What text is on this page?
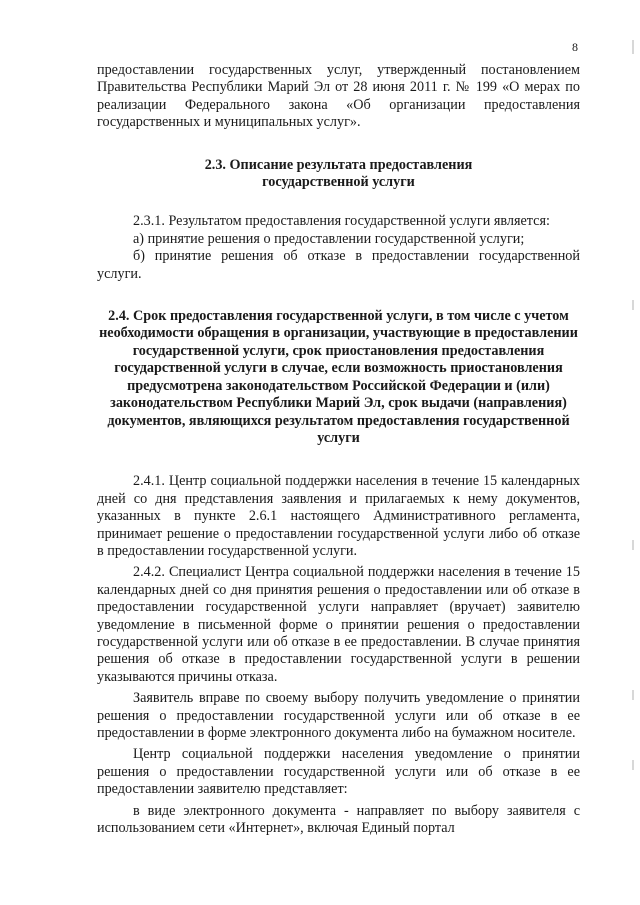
8

предоставлении государственных услуг, утвержденный постановлением Правительства Республики Марий Эл от 28 июня 2011 г. № 199 «О мерах по реализации Федерального закона «Об организации предоставления государственных и муниципальных услуг».

2.3. Описание результата предоставления
государственной услуги

2.3.1. Результатом предоставления государственной услуги является:

а) принятие решения о предоставлении государственной услуги;

б) принятие решения об отказе в предоставлении государственной услуги.

2.4. Срок предоставления государственной услуги, в том числе с учетом необходимости обращения в организации, участвующие в предоставлении государственной услуги, срок приостановления предоставления государственной услуги в случае, если возможность приостановления предусмотрена законодательством Российской Федерации и (или) законодательством Республики Марий Эл, срок выдачи (направления) документов, являющихся результатом предоставления государственной услуги

2.4.1. Центр социальной поддержки населения в течение 15 календарных дней со дня представления заявления и прилагаемых к нему документов, указанных в пункте 2.6.1 настоящего Административного регламента, принимает решение о предоставлении государственной услуги либо об отказе в предоставлении государственной услуги.

2.4.2. Специалист Центра социальной поддержки населения в течение 15 календарных дней со дня принятия решения о предоставлении или об отказе в предоставлении государственной услуги направляет (вручает) заявителю уведомление в письменной форме о принятии решения о предоставлении государственной услуги или об отказе в ее предоставлении. В случае принятия решения об отказе в предоставлении государственной услуги в решении указываются причины отказа.

Заявитель вправе по своему выбору получить уведомление о принятии решения о предоставлении государственной услуги или об отказе в ее предоставлении в форме электронного документа либо на бумажном носителе.

Центр социальной поддержки населения уведомление о принятии решения о предоставлении государственной услуги или об отказе в ее предоставлении заявителю представляет:

в виде электронного документа - направляет по выбору заявителя с использованием сети «Интернет», включая Единый портал
